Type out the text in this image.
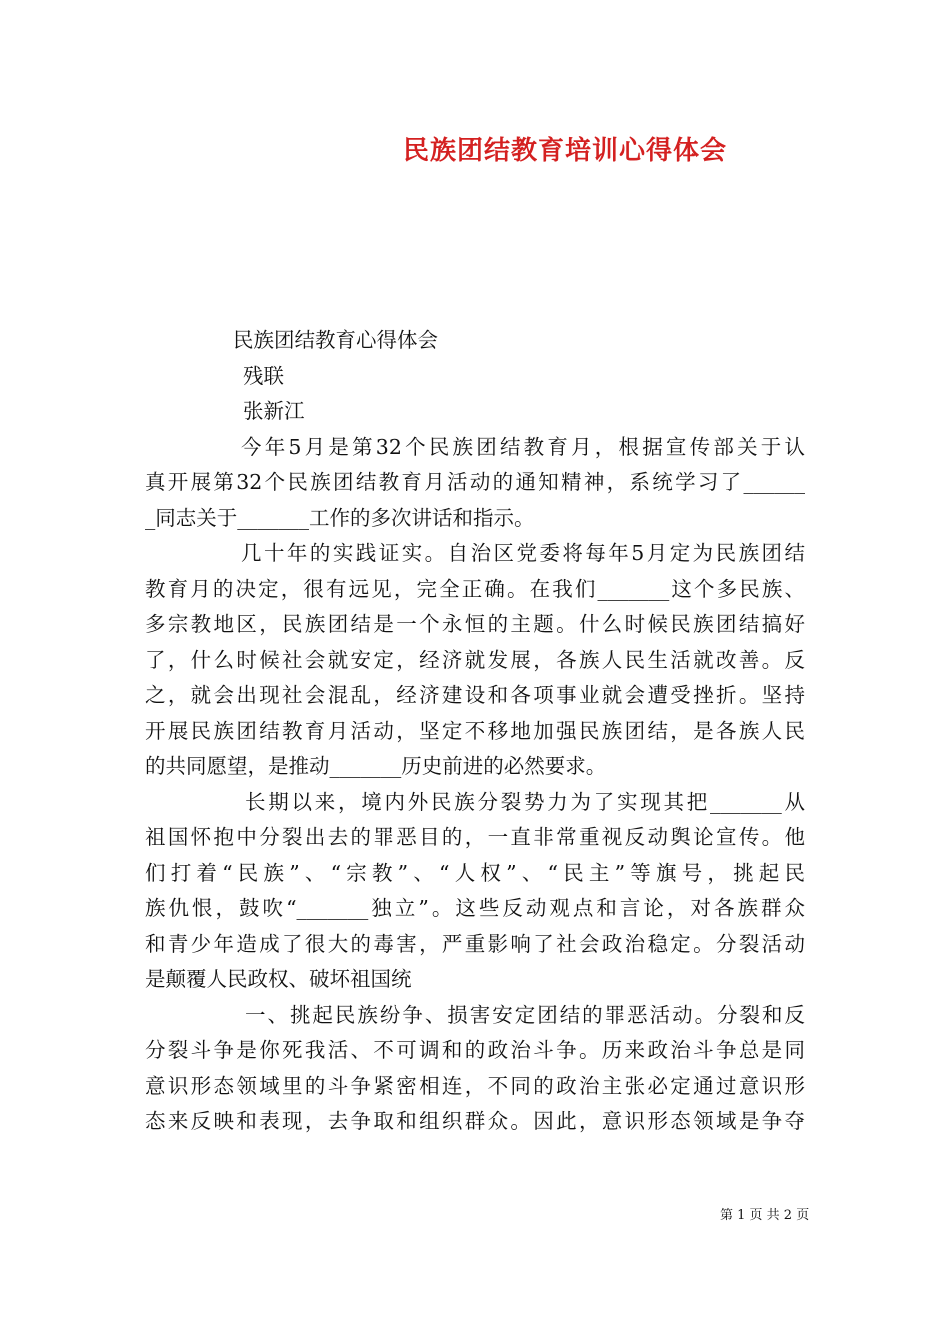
民族团结教育培训心得体会
民族团结教育心得体会
残联
张新江
今年5月是第32个民族团结教育月，根据宣传部关于认
真开展第32个民族团结教育月活动的通知精神，系统学习了______
_同志关于_______工作的多次讲话和指示。
几十年的实践证实。自治区党委将每年5月定为民族团结
教育月的决定，很有远见，完全正确。在我们_______这个多民族、
多宗教地区，民族团结是一个永恒的主题。什么时候民族团结搞好
了，什么时候社会就安定，经济就发展，各族人民生活就改善。反
之，就会出现社会混乱，经济建设和各项事业就会遭受挫折。坚持
开展民族团结教育月活动，坚定不移地加强民族团结，是各族人民
的共同愿望，是推动_______历史前进的必然要求。
长期以来，境内外民族分裂势力为了实现其把_______从
祖国怀抱中分裂出去的罪恶目的，一直非常重视反动舆论宣传。他
们打着“民族”、“宗教”、“人权”、“民主”等旗号，挑起民
族仇恨，鼓吹“_______独立”。这些反动观点和言论，对各族群众
和青少年造成了很大的毒害，严重影响了社会政治稳定。分裂活动
是颠覆人民政权、破坏祖国统
一、挑起民族纷争、损害安定团结的罪恶活动。分裂和反
分裂斗争是你死我活、不可调和的政治斗争。历来政治斗争总是同
意识形态领域里的斗争紧密相连，不同的政治主张必定通过意识形
态来反映和表现，去争取和组织群众。因此，意识形态领域是争夺
第 1 页 共 2 页
